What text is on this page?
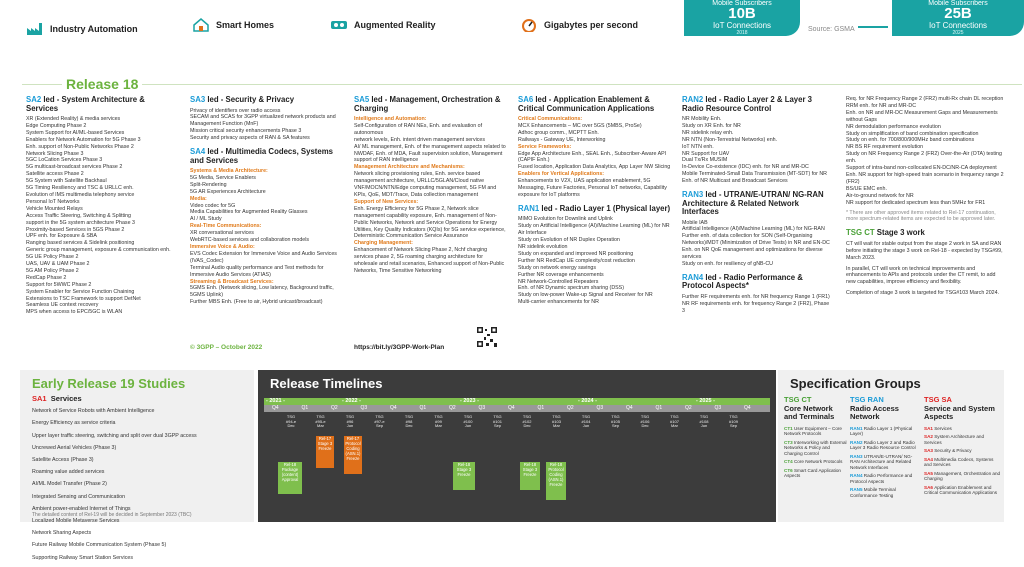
Industry Automation	Smart Homes	Augmented Reality	Gigabytes per second
Mobile Subscribers
10B
IoT Connections
2018	Source: GSMA
Mobile Subscribers
25B
IoT Connections
2025
Release 18
SA2 led - System Architecture & Services

XR (Extended Reality) & media services

Edge Computing Phase 2

System Support for AI/ML-based Services

Enablers for Network Automation for 5G Phase 3

Enh. support of Non-Public Networks Phase 2

Network Slicing Phase 3

5GC LoCation Services Phase 3

5G multicast-broadcast services Phase 2

Satellite access Phase 2

5G System with Satellite Backhaul

5G Timing Resiliency and TSC & URLLC enh.

Evolution of IMS multimedia telephony service

Personal IoT Networks

Vehicle Mounted Relays

Access Traffic Steering, Switching & Splitting

support in the 5G system architecture Phase 3

Proximity-based Services in 5GS Phase 2

UPF enh. for Exposure & SBA

Ranging based services & Sidelink positioning

Generic group management, exposure & communication enh.

5G UE Policy Phase 2

UAS, UAV & UAM Phase 2

5G AM Policy Phase 2

RedCap Phase 2

Support for 5WWC Phase 2

System Enabler for Service Function Chaining

Extensions to TSC Framework to support DetNet

Seamless UE context recovery

MPS when access to EPC/5GC is WLAN

SA3 led - Security & Privacy

Privacy of identifiers over radio access

SECAM and SCAS for 3GPP virtualized network products and Management Function (MnF)

Mission critical security enhancements Phase 3

Security and privacy aspects of RAN & SA features

SA4 led - Multimedia Codecs, Systems and Services

Systems & Media Architecture:

5G Media, Service Enablers

Split-Rendering

5G AR Experiences Architecture

Media:

Video codec for 5G

Media Capabilities for Augmented Reality Glasses

AI / ML Study

Real-Time Communications:

XR conversational services

WebRTC-based services and collaboration models

Immersive Voice & Audio:

EVS Codec Extension for Immersive Voice and Audio Services (IVAS_Codec)

Terminal Audio quality performance and Test methods for Immersive Audio Services (ATIAS)

Streaming & Broadcast Services:

5GMS Enh. (Network slicing, Low latency, Background traffic, 5GMS Uplink)

Further MBS Enh. (Free to air, Hybrid unicast/broadcast)

SA5 led - Management, Orchestration & Charging

Intelligence and Automation:

Self-Configuration of RAN NEs, Enh. and evaluation of autonomous

network levels, Enh. intent driven management services

AI/ ML management, Enh. of the management aspects related to NWDAF, Enh. of MDA, Fault supervision solution, Management support of RAN intelligence

Management Architecture and Mechanisms:

Network slicing provisioning rules, Enh. service based management architecture, URLLC/5GLAN/Cloud native VNF/MOCN/NTN/Edge computing management, 5G FM and KPIs, QoE, MDT/Trace, Data collection management

Support of New Services:

Enh. Energy Efficiency for 5G Phase 2, Network slice management capability exposure, Enh. management of Non-Public Networks, Network and Service Operations for Energy Utilities, Key Quality Indicators (KQIs) for 5G service experience, Deterministic Communication Service Assurance

Charging Management:

Enhancement of Network Slicing Phase 2, Nchf charging services phase 2, 5G roaming charging architecture for wholesale and retail scenarios, Enhanced support of Non-Public Networks, Time Sensitive Networking

SA6 led - Application Enablement & Critical Communication Applications

Critical Communications:

MCX Enhancements – MC over 5GS (5MBS, ProSe)

Adhoc group comm., MCPTT Enh.

Railways - Gateway UE, Interworking

Service Frameworks:

Edge App Architecture Enh., SEAL Enh., Subscriber-Aware API (CAPIF Enh.)

Fused location, Application Data Analytics, App Layer NW Slicing

Enablers for Vertical Applications:

Enhancements to V2X, UAS application enablement, 5G Messaging, Future Factories, Personal IoT networks, Capability exposure for IoT platforms

RAN1 led - Radio Layer 1 (Physical layer)

MIMO Evolution for Downlink and Uplink

Study on Artificial Intelligence (AI)/Machine Learning (ML) for NR Air Interface

Study on Evolution of NR Duplex Operation

NR sidelink evolution

Study on expanded and improved NR positioning

Further NR RedCap UE complexity/cost reduction

Study on network energy savings

Further NR coverage enhancements

NR Network-Controlled Repeaters

Enh. of NR Dynamic spectrum sharing (DSS)

Study on low-power Wake-up Signal and Receiver for NR

Multi-carrier enhancements for NR

RAN2 led - Radio Layer 2 & Layer 3 Radio Resource Control

NR Mobility Enh.

Study on XR Enh. for NR

NR sidelink relay enh.

NR NTN (Non-Terrestrial Networks) enh.

IoT NTN enh.

NR Support for UAV

Dual Tx/Rx MUSIM

In-Device Co-existence (IDC) enh. for NR and MR-DC

Mobile Terminated-Small Data Transmission (MT-SDT) for NR

Enh. of NR Multicast and Broadcast Services

RAN3 led - UTRAN/E-UTRAN/ NG-RAN Architecture & Related Network Interfaces

Mobile IAB

Artificial Intelligence (AI)/Machine Learning (ML) for NG-RAN Further enh. of data collection for SON (Self-Organising Networks)/MDT (Minimization of Drive Tests) in NR and EN-DC

Enh. on NR QoE management and optimizations for diverse services

Study on enh. for resiliency of gNB-CU

RAN4 led - Radio Performance & Protocol Aspects*

Further RF requirements enh. for NR frequency Range 1 (FR1)

NR RF requirements enh. for frequency Range 2 (FR2), Phase 3

Req. for NR Frequency Range 2 (FR2) multi-Rx chain DL reception RRM enh. for NR and MR-DC

Enh. on NR and MR-DC Measurement Gaps and Measurements without Gaps

NR demodulation performance evolution

Study on simplification of band combination specification

Study on enh. for 700/800/900MHz band combinations

NR BS RF requirement evolution

Study on NR Frequency Range 2 (FR2) Over-the-Air (OTA) testing enh.

Support of intra-band non-collocated EN-DC/NR-CA deployment

Enh. NR support for high-speed train scenario in frequency range 2 (FR2)

BS/UE EMC enh.

Air-to-ground network for NR

NR support for dedicated spectrum less than 5MHz for FR1

* There are other approved items related to Rel-17 continuation, more spectrum-related items are expected to be approved later.

TSG CT Stage 3 work

CT will wait for stable output from the stage 2 work in SA and RAN before initiating the stage 3 work on Rel-18 - expected by TSG#99, March 2023.

In parallel, CT will work on technical improvements and enhancements to APIs and protocols under the CT remit, to add new capabilities, improve efficiency and flexibility.

Completion of stage 3 work is targeted for TSG#103 March 2024.

© 3GPP – October 2022	https://bit.ly/3GPP-Work-Plan
Early Release 19 Studies
SA1 Services

Network of Service Robots with Ambient Intelligence

Energy Efficiency as service criteria

Upper layer traffic steering, switching and split over dual 3GPP access

Uncrewed Aerial Vehicles (Phase 3)

Satellite Access (Phase 3)

Roaming value added services

AI/ML Model Transfer (Phase 2)

Integrated Sensing and Communication

Ambient power-enabled Internet of Things

Localized Mobile Metaverse Services

Network Sharing Aspects

Future Railway Mobile Communication System (Phase 5)

Supporting Railway Smart Station Services

The detailed content of Rel-19 will be decided in September 2023 (TBC)
Release Timelines
- 2021 -	- 2022 -	- 2023 -	- 2024 -	- 2025 -
Q4	Q1	Q2	Q3	Q4	Q1	Q2	Q3	Q4	Q1	Q2	Q3	Q4	Q1	Q2	Q3	Q4
TSG #94-e
Dec
TSG #95-e
Mar
TSG #96
Jun
TSG #97-e
Sep
TSG #98
Dec
TSG #99
Mar
TSG #100
Jun
TSG #101
Sep
TSG #102
Dec
TSG #103
Mar
TSG #104
Jun
TSG #105
Sep
TSG #106
Dec
TSG #107
Mar
TSG #108
Jun
TSG #109
Sep
Rel-17 Stage 3 Freeze
Rel-17 Protocol Coding (ASN.1) Freeze
Rel-18 Package (content) Approval
Rel-18 Stage 3 Freeze
Rel-18 Stage 3 Freeze
Rel-18 Protocol Coding (ASN.1) Freeze
Specification Groups
TSG CT
Core Network and Terminals
CT1 User Equipment – Core Network Protocols
CT3 Interworking with External Networks & Policy and Charging Control
CT4 Core Network Protocols
CT6 Smart Card Application Aspects
TSG RAN
Radio Access Network
RAN1 Radio Layer 1 (Physical Layer)
RAN2 Radio Layer 2 and Radio Layer 3 Radio Resource Control
RAN3 UTRAN/E-UTRAN/ NG-RAN Architecture and Related Network Interfaces
RAN4 Radio Performance and Protocol Aspects
RAN5 Mobile Terminal Conformance Testing
TSG SA
Service and System Aspects
SA1 Services
SA2 System Architecture and Services
SA3 Security & Privacy
SA4 Multimedia Codecs, Systems and Services
SA5 Management, Orchestration and Charging
SA6 Application Enablement and Critical Communication Applications
